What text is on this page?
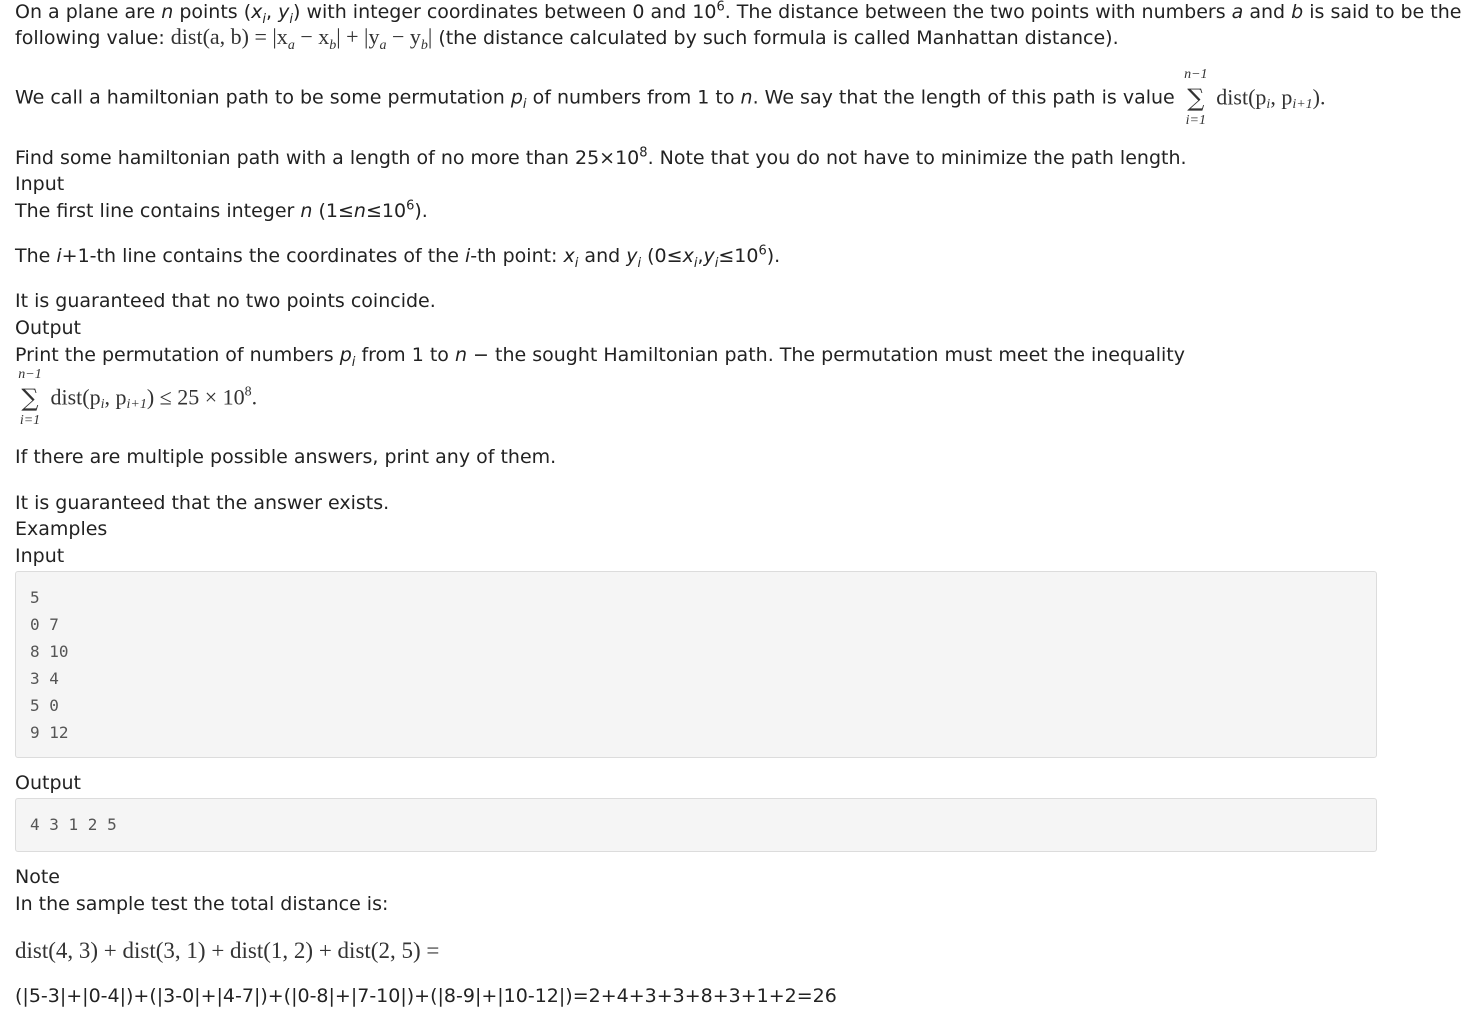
On a plane are n points ($x_i$, $y_i$) with integer coordinates between 0 and $10^6$. The distance between the two points with numbers a and b is said to be the
following value: dist(a, $b) = |x_a - x_b| + |y_a - y_b|$ (the distance calculated by such formula is called Manhattan distance).
We call a hamiltonian path to be some permutation $p_i$ of numbers from 1 to n. We say that the length of this path is value
n−1
∑
i=1
$dist(p_i$, $p_{i+1}$).
Find some hamiltonian path with a length of no more than $25\times 10^8$. Note that you do not have to minimize the path length.
Input
The first line contains integer n $(1\le n\le 10^6)$.
The i+1-th line contains the coordinates of the i-th point: $x_i$ and $y_i$ $(0\le x_i,y_i\le 10^6)$.
It is guaranteed that no two points coincide.
Output
Print the permutation of numbers $p_i$ from 1 to n − the sought Hamiltonian path. The permutation must meet the inequality
n−1
∑
i=1
$dist(p_i$, $p_{i+1}) \le 25 \times 10^8$.
If there are multiple possible answers, print any of them.
It is guaranteed that the answer exists.
Examples
Input
5
0 7
8 10
3 4
5 0
9 12
Output
4 3 1 2 5
Note
In the sample test the total distance is:
dist(4, 3) + dist(3, 1) + dist(1, 2) + dist(2, 5) =
(|5-3|+|0-4|)+(|3-0|+|4-7|)+(|0-8|+|7-10|)+(|8-9|+|10-12|)=2+4+3+3+8+3+1+2=26
